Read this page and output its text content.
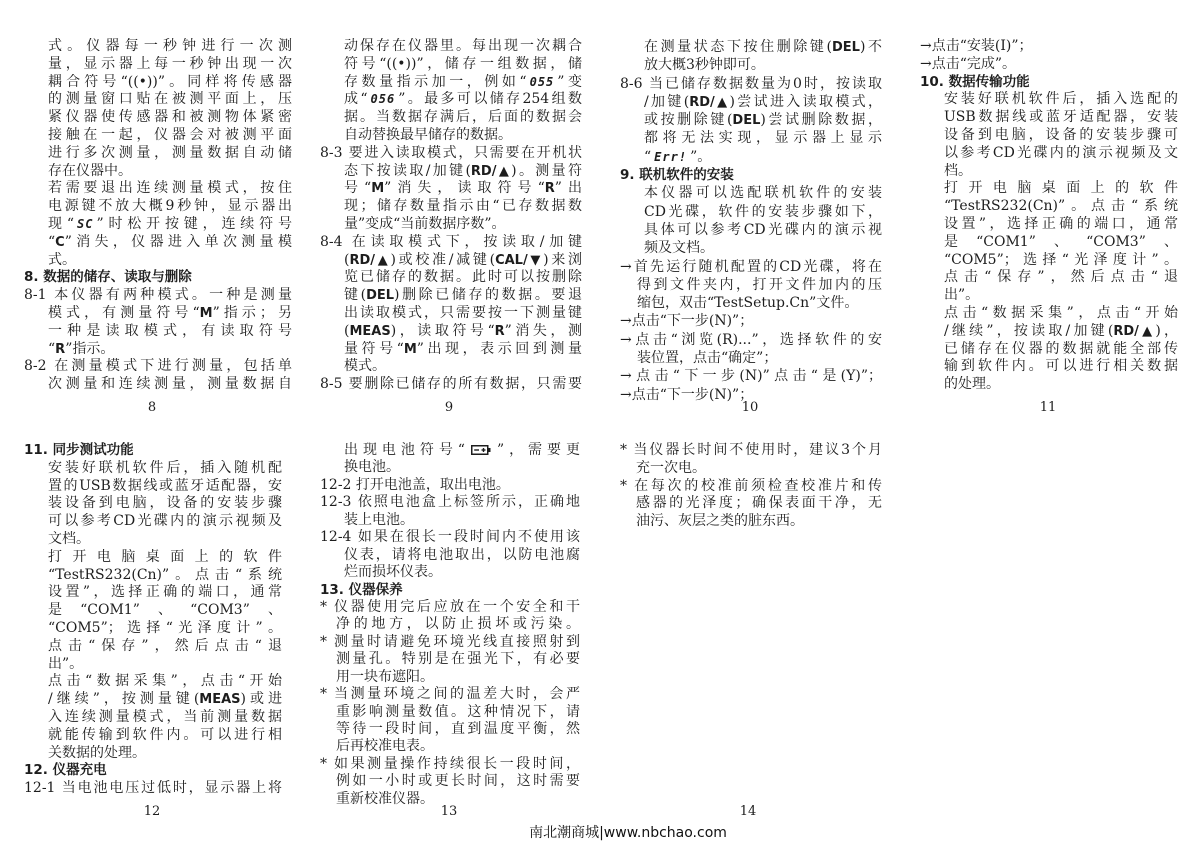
式。仪器每一秒钟进行一次测
量，显示器上每一秒钟出现一次
耦合符号“((•))”。同样将传感器
的测量窗口贴在被测平面上，压
紧仪器使传感器和被测物体紧密
接触在一起，仪器会对被测平面
进行多次测量，测量数据自动储
存在仪器中。
若需要退出连续测量模式，按住
电源键不放大概9秒钟，显示器出
现“ SC ”时松开按键，连续符号
“C”消失，仪器进入单次测量模
式。
8. 数据的储存、读取与删除
8-1 本仪器有两种模式。一种是测量
模式，有测量符号“M”指示；另
一种是读取模式，有读取符号
“R”指示。
8-2 在测量模式下进行测量，包括单
次测量和连续测量，测量数据自
8
动保存在仪器里。每出现一次耦合
符号“((•))”，储存一组数据，储
存数量指示加一，例如“ 055 ”变
成“ 056 ”。最多可以储存254组数
据。当数据存满后，后面的数据会
自动替换最早储存的数据。
8-3 要进入读取模式，只需要在开机状
态下按读取/加键(RD/▲)。测量符
号“M”消失，读取符号“R”出
现；储存数量指示由“已存数据数
量”变成“当前数据序数”。
8-4 在读取模式下，按读取/加键
(RD/▲)或校准/减键(CAL/▼)来浏
览已储存的数据。此时可以按删除
键(DEL)删除已储存的数据。要退
出读取模式，只需要按一下测量键
(MEAS)，读取符号“R”消失，测
量符号“M”出现，表示回到测量
模式。
8-5 要删除已储存的所有数据，只需要
9
在测量状态下按住删除键(DEL)不
放大概3秒钟即可。
8-6 当已储存数据数量为0时，按读取
/加键(RD/▲)尝试进入读取模式，
或按删除键(DEL)尝试删除数据，
都将无法实现，显示器上显示
“ Err! ”。
9. 联机软件的安装
本仪器可以选配联机软件的安装
CD光碟，软件的安装步骤如下，
具体可以参考CD光碟内的演示视
频及文档。
→首先运行随机配置的CD光碟，将在
得到文件夹内，打开文件加内的压
缩包，双击“TestSetup.Cn”文件。
→点击“下一步(N)”；
→点击“浏览(R)...”，选择软件的安
装位置，点击“确定”；
→点击“下一步(N)”点击“是(Y)”；
→点击“下一步(N)”；
10
→点击“安装(I)”；
→点击“完成”。
10. 数据传输功能
安装好联机软件后，插入选配的
USB数据线或蓝牙适配器，安装
设备到电脑，设备的安装步骤可
以参考CD光碟内的演示视频及文
档。
打开电脑桌面上的软件
“TestRS232(Cn)”。点击“系统
设置”，选择正确的端口，通常
是“COM1”、“COM3”、
“COM5”；选择“光泽度计”。
点击“保存”，然后点击“退
出”。
点击“数据采集”，点击“开始
/继续”，按读取/加键(RD/▲)，
已储存在仪器的数据就能全部传
输到软件内。可以进行相关数据
的处理。
11
11. 同步测试功能
安装好联机软件后，插入随机配
置的USB数据线或蓝牙适配器，安
装设备到电脑，设备的安装步骤
可以参考CD光碟内的演示视频及
文档。
打开电脑桌面上的软件
“TestRS232(Cn)”。点击“系统
设置”，选择正确的端口，通常
是“COM1”、“COM3”、
“COM5”；选择“光泽度计”。
点击“保存”，然后点击“退
出”。
点击“数据采集”，点击“开始
/继续”，按测量键(MEAS)或进
入连续测量模式，当前测量数据
就能传输到软件内。可以进行相
关数据的处理。
12. 仪器充电
12-1 当电池电压过低时，显示器上将
12
出现电池符号“ ”，需要更
换电池。
12-2 打开电池盖，取出电池。
12-3 依照电池盒上标签所示，正确地
装上电池。
12-4 如果在很长一段时间内不使用该
仪表，请将电池取出，以防电池腐
烂而损坏仪表。
13. 仪器保养
* 仪器使用完后应放在一个安全和干
净的地方，以防止损坏或污染。
* 测量时请避免环境光线直接照射到
测量孔。特别是在强光下，有必要
用一块布遮阳。
* 当测量环境之间的温差大时，会严
重影响测量数值。这种情况下，请
等待一段时间，直到温度平衡，然
后再校准电表。
* 如果测量操作持续很长一段时间，
例如一小时或更长时间，这时需要
重新校准仪器。
13
* 当仪器长时间不使用时，建议3个月
充一次电。
* 在每次的校准前须检查校准片和传
感器的光泽度；确保表面干净，无
油污、灰层之类的脏东西。
14
南北潮商城|www.nbchao.com
